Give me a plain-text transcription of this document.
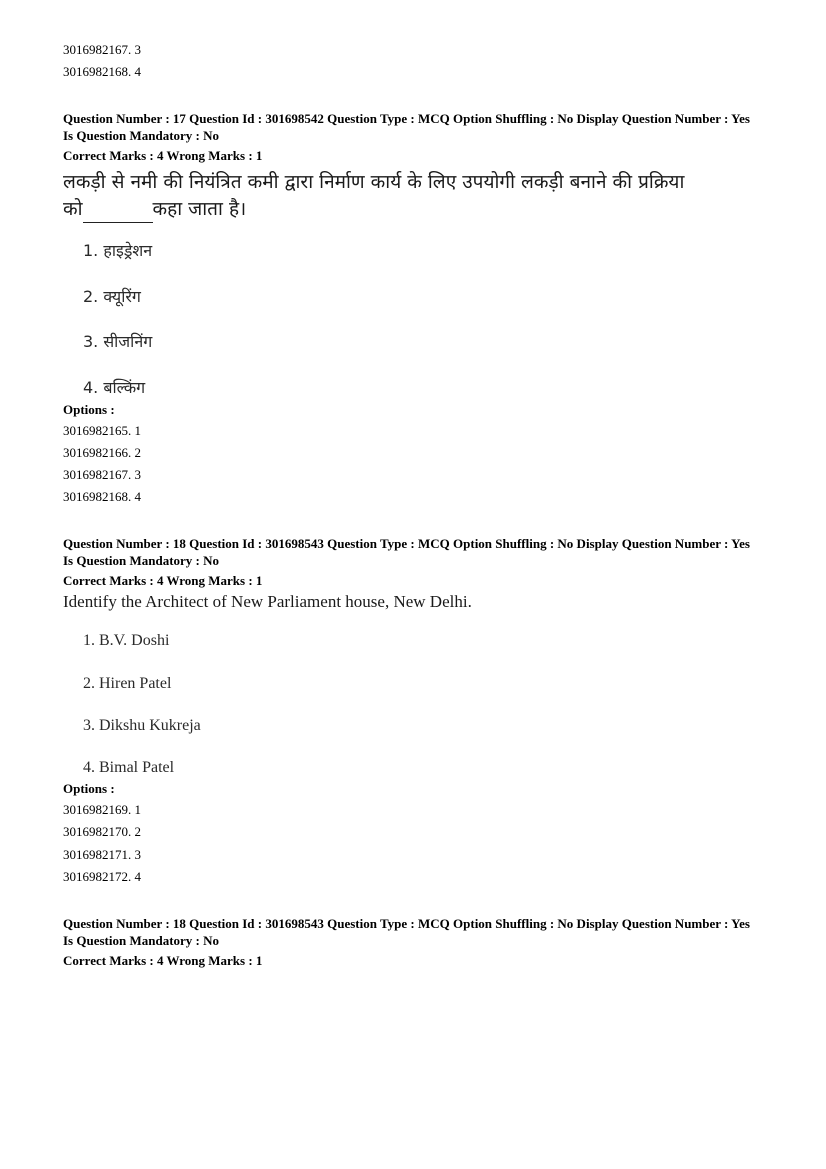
3016982167. 3
3016982168. 4
Question Number : 17 Question Id : 301698542 Question Type : MCQ Option Shuffling : No Display Question Number : Yes Is Question Mandatory : No
Correct Marks : 4 Wrong Marks : 1
लकड़ी से नमी की नियंत्रित कमी द्वारा निर्माण कार्य के लिए उपयोगी लकड़ी बनाने की प्रक्रिया
को	कहा जाता है।
1. हाइड्रेशन
2. क्यूरिंग
3. सीजनिंग
4. बल्किंग
Options :
3016982165. 1
3016982166. 2
3016982167. 3
3016982168. 4
Question Number : 18 Question Id : 301698543 Question Type : MCQ Option Shuffling : No Display Question Number : Yes Is Question Mandatory : No
Correct Marks : 4 Wrong Marks : 1
Identify the Architect of New Parliament house, New Delhi.
1. B.V. Doshi
2. Hiren Patel
3. Dikshu Kukreja
4. Bimal Patel
Options :
3016982169. 1
3016982170. 2
3016982171. 3
3016982172. 4
Question Number : 18 Question Id : 301698543 Question Type : MCQ Option Shuffling : No Display Question Number : Yes Is Question Mandatory : No
Correct Marks : 4 Wrong Marks : 1
